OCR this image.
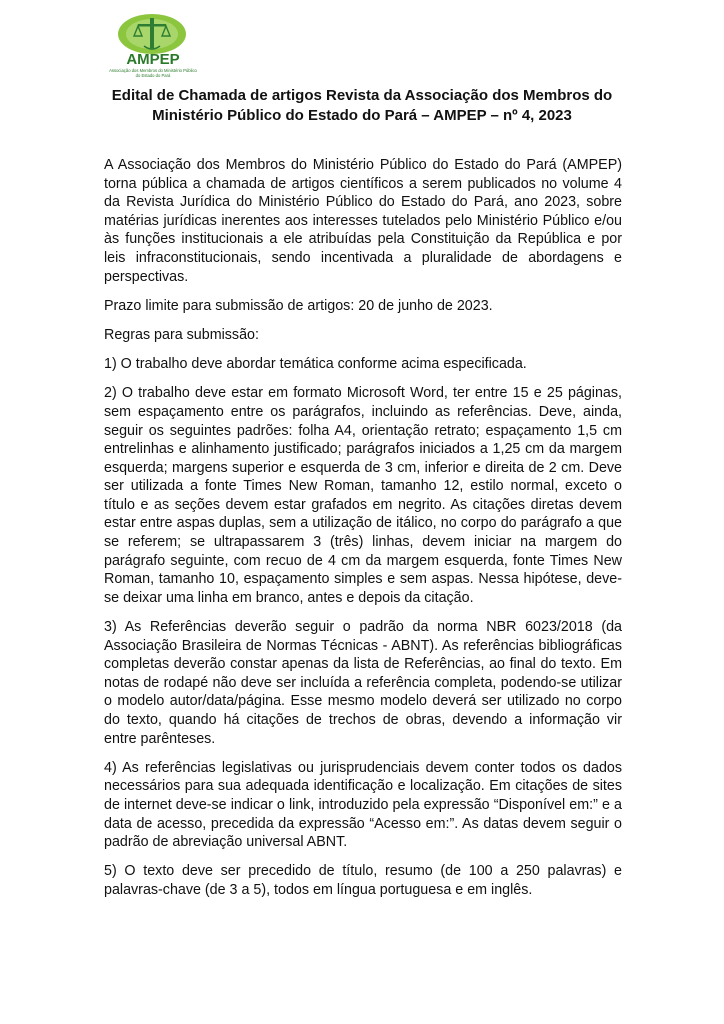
AMPEP
Associação dos Membros do Ministério Público
do Estado do Pará
Edital de Chamada de artigos Revista da Associação dos Membros do
Ministério Público do Estado do Pará – AMPEP – nº 4, 2023

A Associação dos Membros do Ministério Público do Estado do Pará (AMPEP) torna pública a chamada de artigos científicos a serem publicados no volume 4 da Revista Jurídica do Ministério Público do Estado do Pará, ano 2023, sobre matérias jurídicas inerentes aos interesses tutelados pelo Ministério Público e/ou às funções institucionais a ele atribuídas pela Constituição da República e por leis infraconstitucionais, sendo incentivada a pluralidade de abordagens e perspectivas.

Prazo limite para submissão de artigos: 20 de junho de 2023.

Regras para submissão:

1) O trabalho deve abordar temática conforme acima especificada.

2) O trabalho deve estar em formato Microsoft Word, ter entre 15 e 25 páginas, sem espaçamento entre os parágrafos, incluindo as referências. Deve, ainda, seguir os seguintes padrões: folha A4, orientação retrato; espaçamento 1,5 cm entrelinhas e alinhamento justificado; parágrafos iniciados a 1,25 cm da margem esquerda; margens superior e esquerda de 3 cm, inferior e direita de 2 cm. Deve ser utilizada a fonte Times New Roman, tamanho 12, estilo normal, exceto o título e as seções devem estar grafados em negrito. As citações diretas devem estar entre aspas duplas, sem a utilização de itálico, no corpo do parágrafo a que se referem; se ultrapassarem 3 (três) linhas, devem iniciar na margem do parágrafo seguinte, com recuo de 4 cm da margem esquerda, fonte Times New Roman, tamanho 10, espaçamento simples e sem aspas. Nessa hipótese, deve-se deixar uma linha em branco, antes e depois da citação.

3) As Referências deverão seguir o padrão da norma NBR 6023/2018 (da Associação Brasileira de Normas Técnicas - ABNT). As referências bibliográficas completas deverão constar apenas da lista de Referências, ao final do texto. Em notas de rodapé não deve ser incluída a referência completa, podendo-se utilizar o modelo autor/data/página. Esse mesmo modelo deverá ser utilizado no corpo do texto, quando há citações de trechos de obras, devendo a informação vir entre parênteses.

4) As referências legislativas ou jurisprudenciais devem conter todos os dados necessários para sua adequada identificação e localização. Em citações de sites de internet deve-se indicar o link, introduzido pela expressão “Disponível em:” e a data de acesso, precedida da expressão “Acesso em:”. As datas devem seguir o padrão de abreviação universal ABNT.

5) O texto deve ser precedido de título, resumo (de 100 a 250 palavras) e palavras-chave (de 3 a 5), todos em língua portuguesa e em inglês.
